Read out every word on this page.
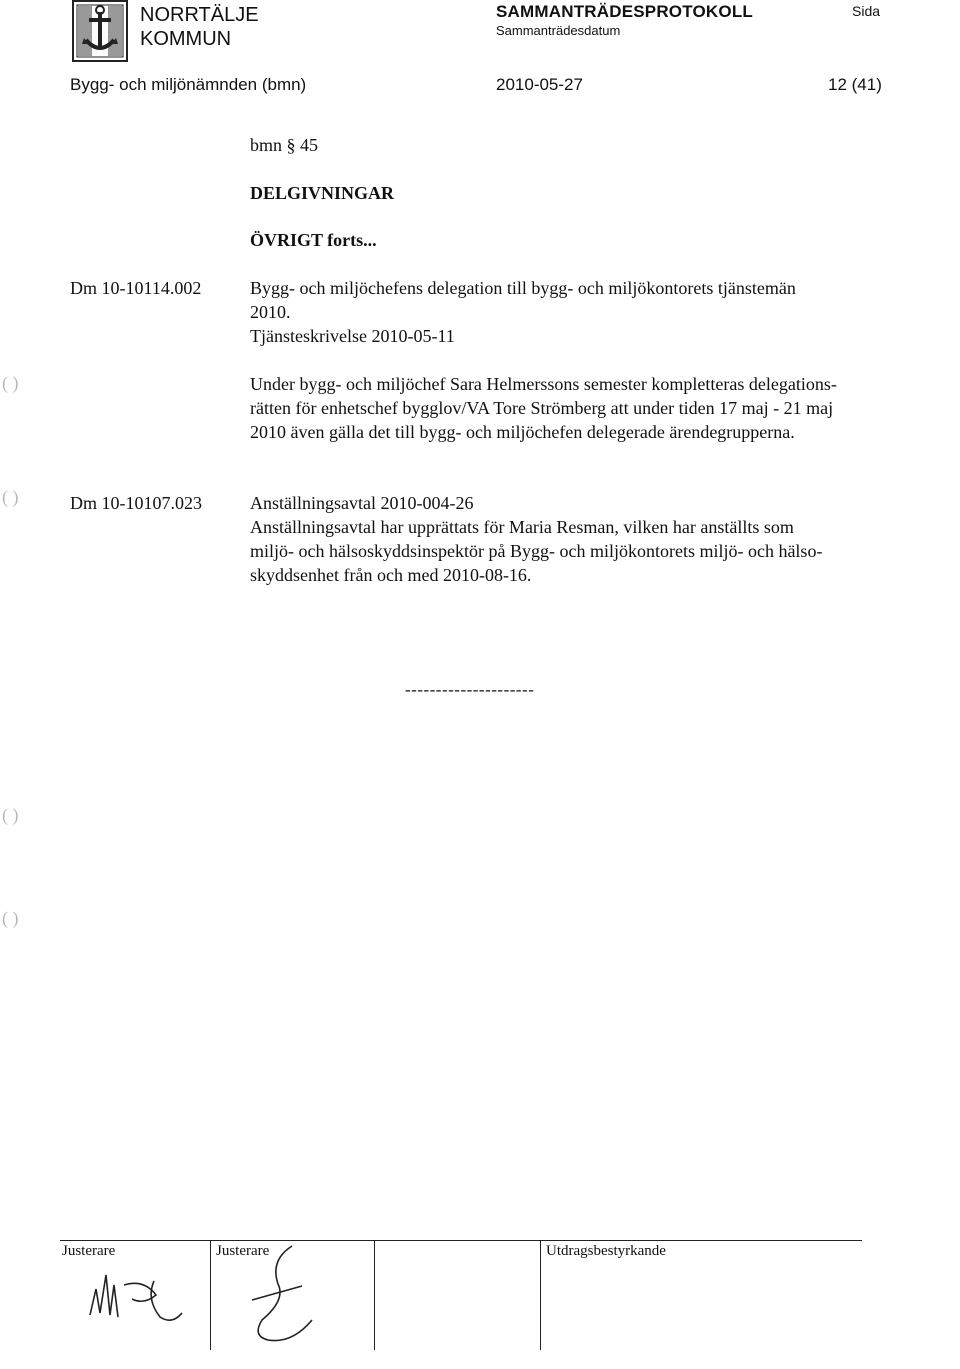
NORRTÄLJE
KOMMUN
SAMMANTRÄDESPROTOKOLL
Sammanträdesdatum
Sida
Bygg- och miljönämnden (bmn)	2010-05-27	12 (41)
bmn § 45
DELGIVNINGAR
ÖVRIGT forts...
Dm 10-10114.002	Bygg- och miljöchefens delegation till bygg- och miljökontorets tjänstemän
2010.
Tjänsteskrivelse 2010-05-11
Under bygg- och miljöchef Sara Helmerssons semester kompletteras delegations-
rätten för enhetschef bygglov/VA Tore Strömberg att under tiden 17 maj - 21 maj
2010 även gälla det till bygg- och miljöchefen delegerade ärendegrupperna.
Dm 10-10107.023	Anställningsavtal 2010-004-26
Anställningsavtal har upprättats för Maria Resman, vilken har anställts som
miljö- och hälsoskyddsinspektör på Bygg- och miljökontorets miljö- och hälso-
skyddsenhet från och med 2010-08-16.
---------------------
( )
( )
( )
( )
Justerare	Justerare	Utdragsbestyrkande
